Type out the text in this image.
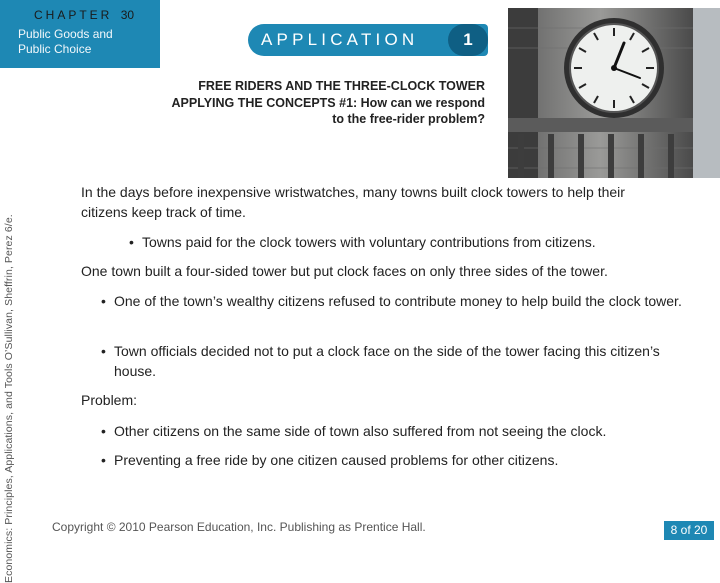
Economics: Principles, Applications, and Tools O’Sullivan, Sheffrin, Perez 6/e.
CHAPTER 30
Public Goods and Public Choice	APPLICATION	1
FREE RIDERS AND THE THREE-CLOCK TOWER
APPLYING THE CONCEPTS #1: How can we respond
to the free-rider problem?
In the days before inexpensive wristwatches, many towns built clock towers to help their citizens keep track of time.
• Towns paid for the clock towers with voluntary contributions from citizens.
One town built a four-sided tower but put clock faces on only three sides of the tower.
• One of the town’s wealthy citizens refused to contribute money to help build the clock tower.
• Town officials decided not to put a clock face on the side of the tower facing this citizen’s house.
Problem:
• Other citizens on the same side of town also suffered from not seeing the clock.
• Preventing a free ride by one citizen caused problems for other citizens.
Copyright © 2010 Pearson Education, Inc. Publishing as Prentice Hall.	8 of 20
